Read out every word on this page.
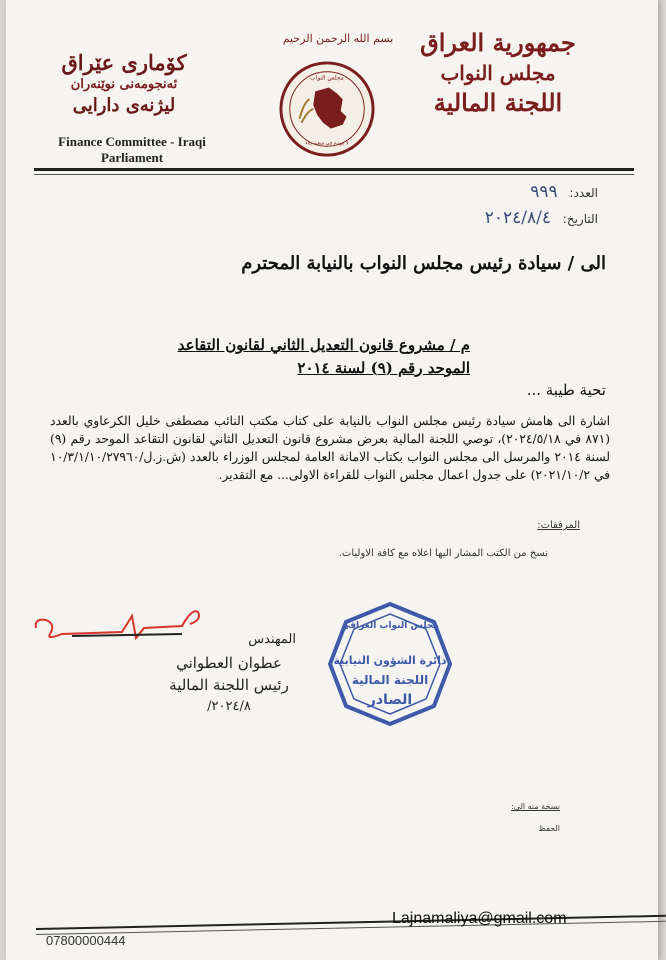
جمهورية العراق
مجلس النواب
اللجنة المالية
كۆماری عێراق
ئەنجومەنی نوێنەران
لیژنەی دارایی
Finance Committee - Iraqi
Parliament
بسم الله الرحمن الرحيم
مجلس النواب
لا ينهدم في شعبه بناء
العدد: ٩٩٩
التاريخ: ٢٠٢٤/٨/٤
الى / سيادة رئيس مجلس النواب بالنيابة المحترم
م / مشروع قانون التعديل الثاني لقانون التقاعد
الموحد رقم (٩) لسنة ٢٠١٤
تحية طيبة ...
اشارة الى هامش سيادة رئيس مجلس النواب بالنيابة على كتاب مكتب النائب مصطفى خليل الكرعاوي بالعدد (٨٧١ في ٢٠٢٤/٥/١٨)، توصي اللجنة المالية بعرض مشروع قانون التعديل الثاني لقانون التقاعد الموحد رقم (٩) لسنة ٢٠١٤ والمرسل الى مجلس النواب بكتاب الامانة العامة لمجلس الوزراء بالعدد (ش.ز.ل/١٠/٣/١/١٠/٢٧٩٦٠ في ٢٠٢١/١٠/٢) على جدول اعمال مجلس النواب للقراءة الاولى... مع التقدير.
المرفقات:
نسخ من الكتب المشار اليها اعلاه مع كافة الاوليات.
المهندس
عطوان العطواني
رئيس اللجنة المالية
٢٠٢٤/٨/
مجلس النواب العراقي
دائرة الشؤون النيابية
اللجنة المالية
الصادر
نسخة منه الى:
الحفظ
Lajnamaliya@gmail.com
07800000444
